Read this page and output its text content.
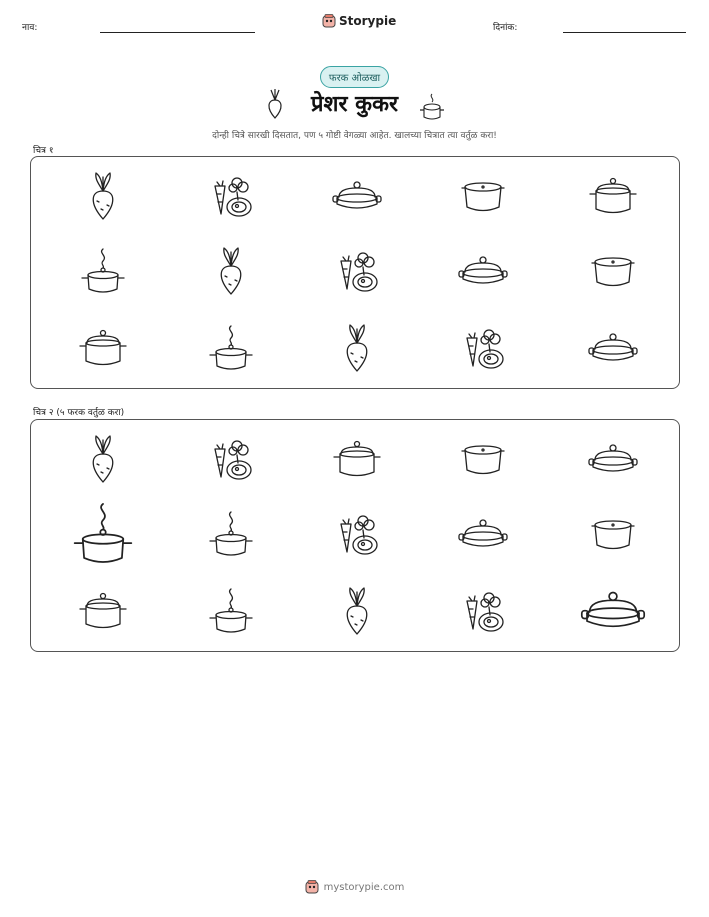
नाव:	Storypie	दिनांक:
फरक ओळखा
प्रेशर कुकर
दोन्ही चित्रे सारखी दिसतात, पण ५ गोष्टी वेगळ्या आहेत. खालच्या चित्रात त्या वर्तुळ करा!
चित्र १
चित्र २ (५ फरक वर्तुळ करा)
mystorypie.com
